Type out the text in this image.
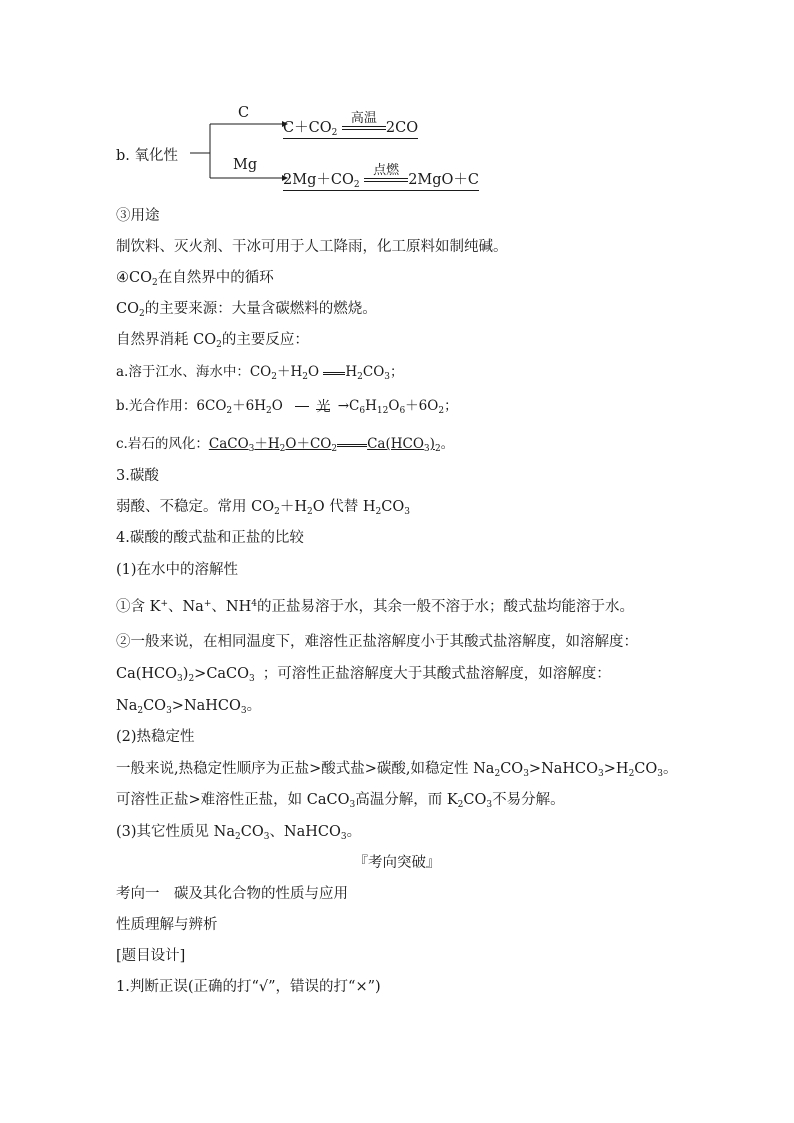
b. 氧化性
C
Mg
$C+CO_2$
高温
2CO
$2Mg+CO_2$
点燃
2MgO＋C
③用途
制饮料、灭火剂、干冰可用于人工降雨，化工原料如制纯碱。
$④CO_2$在自然界中的循环
$CO_2$的主要来源：大量含碳燃料的燃烧。
自然界消耗 $CO_2$的主要反应：
a.溶于江水、海水中：$CO_2+H_2O$ $H_2CO_3$；
b.光合作用：$6CO_2+6H_2O$ 光 $\to C_6H_{12}O_6+6O_2$；
c.岩石的风化：$CaCO_3+H_2O+CO_2$ $Ca(HCO_3)_2$。
3.碳酸
弱酸、不稳定。常用 $CO_2+H_2O$ 代替 $H_2CO_3$
4.碳酸的酸式盐和正盐的比较
(1)在水中的溶解性
①含 K+、Na+、$NH^4$的正盐易溶于水，其余一般不溶于水；酸式盐均能溶于水。
②一般来说，在相同温度下，难溶性正盐溶解度小于其酸式盐溶解度，如溶解度：
$Ca(HCO_3)_2>CaCO_3$ ；可溶性正盐溶解度大于其酸式盐溶解度，如溶解度：
$Na_2CO_3>NaHCO_3$。
(2)热稳定性
一般来说,热稳定性顺序为正盐>酸式盐>碳酸,如稳定性 $Na_2CO_3>NaHCO_3>H_2CO_3$。
可溶性正盐>难溶性正盐，如 CaCO$_3$高温分解，而 $K_2CO_3$不易分解。
(3)其它性质见 $Na_2CO_3$、NaHCO$_3$。
『考向突破』
考向一　碳及其化合物的性质与应用
性质理解与辨析
[题目设计]
1.判断正误(正确的打“√”，错误的打“×”)
